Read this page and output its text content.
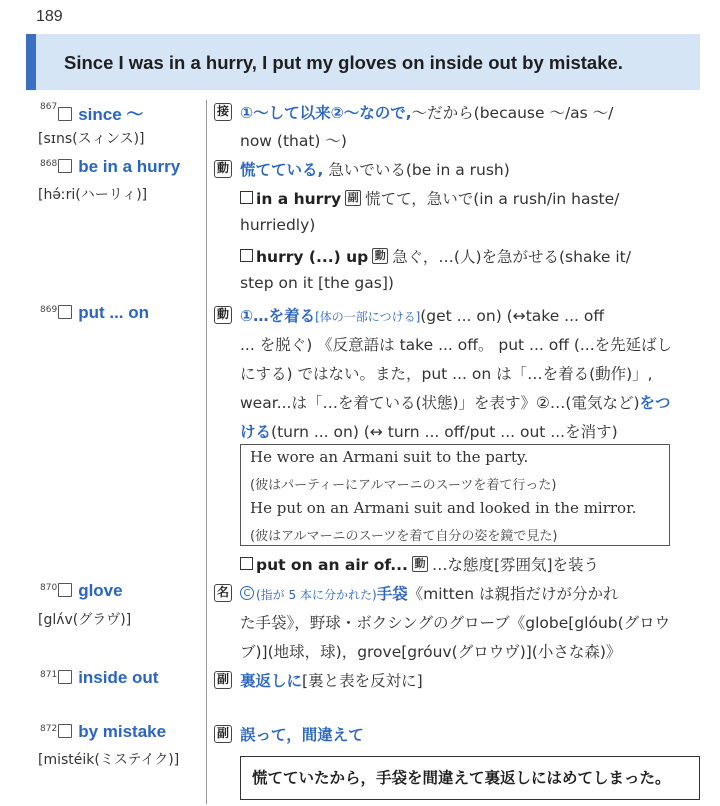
189
Since I was in a hurry, I put my gloves on inside out by mistake.
$^{867}$ since ～
[sɪns(スィンス)]
接 ①～して以来②～なので,～だから(because ～/as ～/
now (that) ～)
$^{868}$ be in a hurry
[hə́ːri(ハーリィ)]
動 慌てている, 急いでいる(be in a rush)
in a hurry 副 慌てて，急いで(in a rush/in haste/
hurriedly)
hurry (...) up 動 急ぐ，…(人)を急がせる(shake it/
step on it [the gas])
$^{869}$ put ... on	動 ①…を着る[体の一部につける](get ... on) (↔take ... off
... を脱ぐ) 《反意語は take ... off。 put ... off (...を先延ばし
にする) ではない。また，put ... on は「…を着る(動作)」,
wear...は「…を着ている(状態)」を表す》②…(電気など)をつ
ける(turn ... on) (↔ turn ... off/put ... out ...を消す)
He wore an Armani suit to the party.
(彼はパーティーにアルマーニのスーツを着て行った)
He put on an Armani suit and looked in the mirror.
(彼はアルマーニのスーツを着て自分の姿を鏡で見た)
put on an air of... 動 …な態度[雰囲気]を装う
$^{870}$ glove
[glʌ́v(グラヴ)]
名	C (指が 5 本に分かれた)手袋《mitten は親指だけが分かれ
た手袋》，野球・ボクシングのグローブ《globe[glóub(グロウ
ブ)](地球，球)，grove[gróuv(グロウヴ)](小さな森)》
$^{871}$ inside out	副 裏返しに[裏と表を反対に]
$^{872}$ by mistake
[mistéik(ミステイク)]
副 誤って，間違えて
慌てていたから，手袋を間違えて裏返しにはめてしまった。
